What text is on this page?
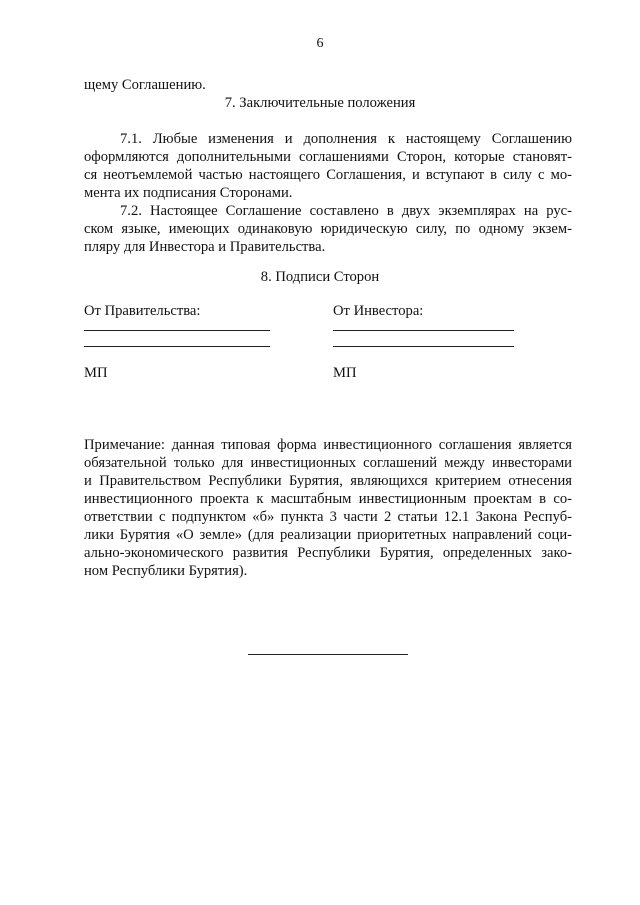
6
щему Соглашению.
7. Заключительные положения
7.1. Любые изменения и дополнения к настоящему Соглашению
оформляются дополнительными соглашениями Сторон, которые становят-
ся неотъемлемой частью настоящего Соглашения, и вступают в силу с мо-
мента их подписания Сторонами.
7.2. Настоящее Соглашение составлено в двух экземплярах на рус-
ском языке, имеющих одинаковую юридическую силу, по одному экзем-
пляру для Инвестора и Правительства.
8. Подписи Сторон
От Правительства:	От Инвестора:
МП	МП
Примечание: данная типовая форма инвестиционного соглашения является
обязательной только для инвестиционных соглашений между инвесторами
и Правительством Республики Бурятия, являющихся критерием отнесения
инвестиционного проекта к масштабным инвестиционным проектам в со-
ответствии с подпунктом «б» пункта 3 части 2 статьи 12.1 Закона Респуб-
лики Бурятия «О земле» (для реализации приоритетных направлений соци-
ально-экономического развития Республики Бурятия, определенных зако-
ном Республики Бурятия).
